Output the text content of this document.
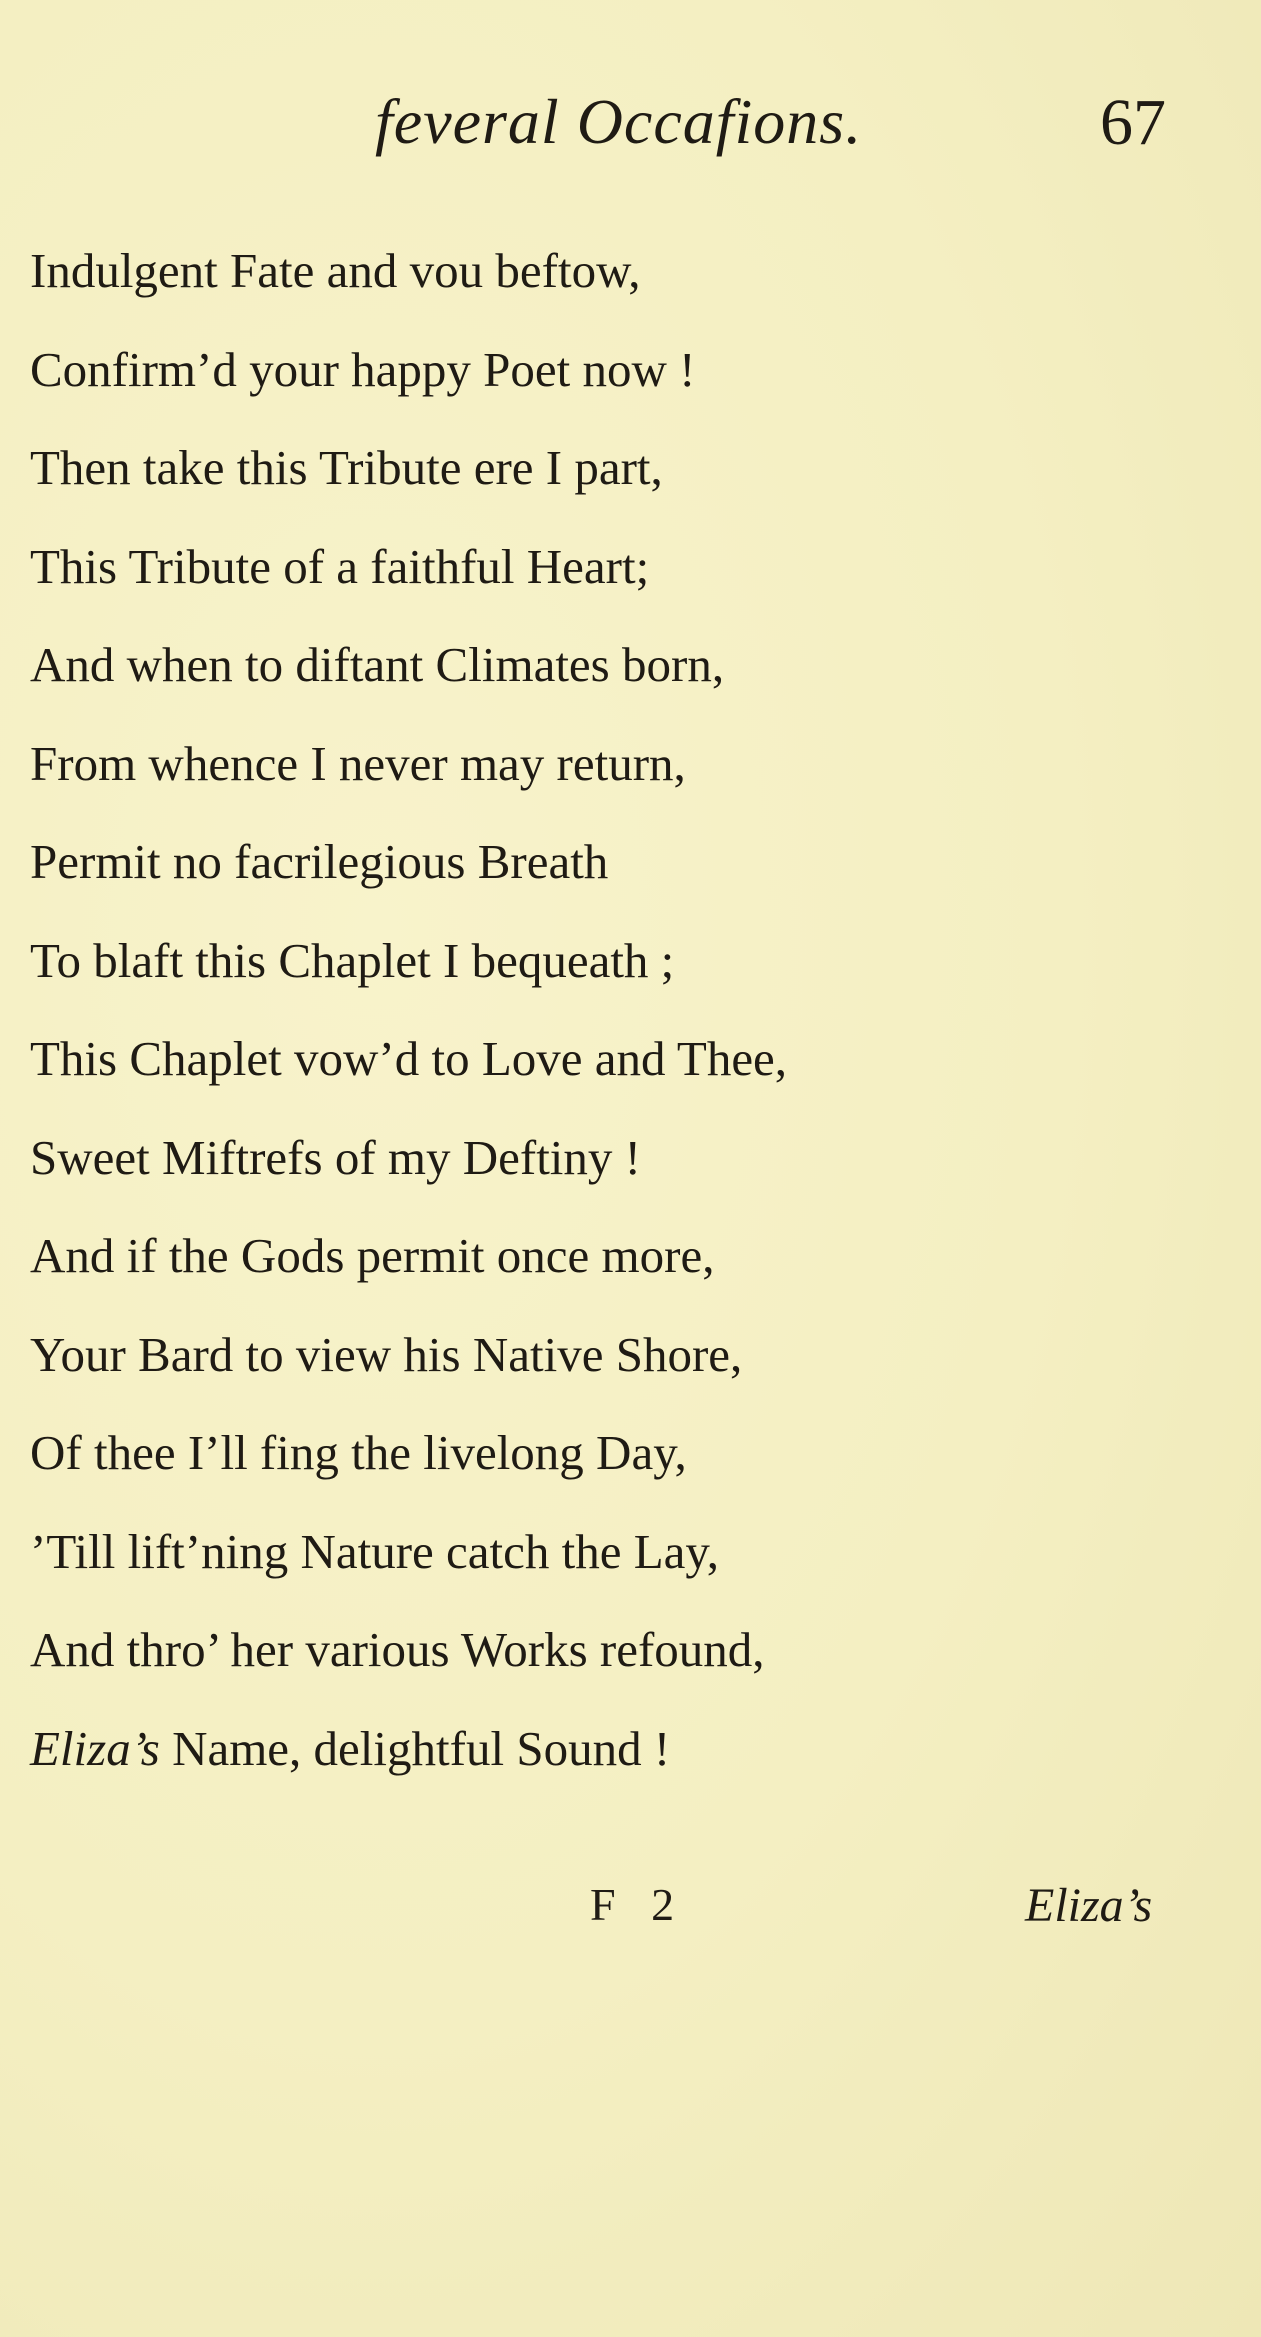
feveral Occafions.	67
Indulgent Fate and vou beftow,
Confirm’d your happy Poet now !
Then take this Tribute ere I part,
This Tribute of a faithful Heart;
And when to diftant Climates born,
From whence I never may return,
Permit no facrilegious Breath
To blaft this Chaplet I bequeath ;
This Chaplet vow’d to Love and Thee,
Sweet Miftrefs of my Deftiny !
And if the Gods permit once more,
Your Bard to view his Native Shore,
Of thee I’ll fing the livelong Day,
’Till lift’ning Nature catch the Lay,
And thro’ her various Works refound,
Eliza’s Name, delightful Sound !
F 2	Eliza’s
